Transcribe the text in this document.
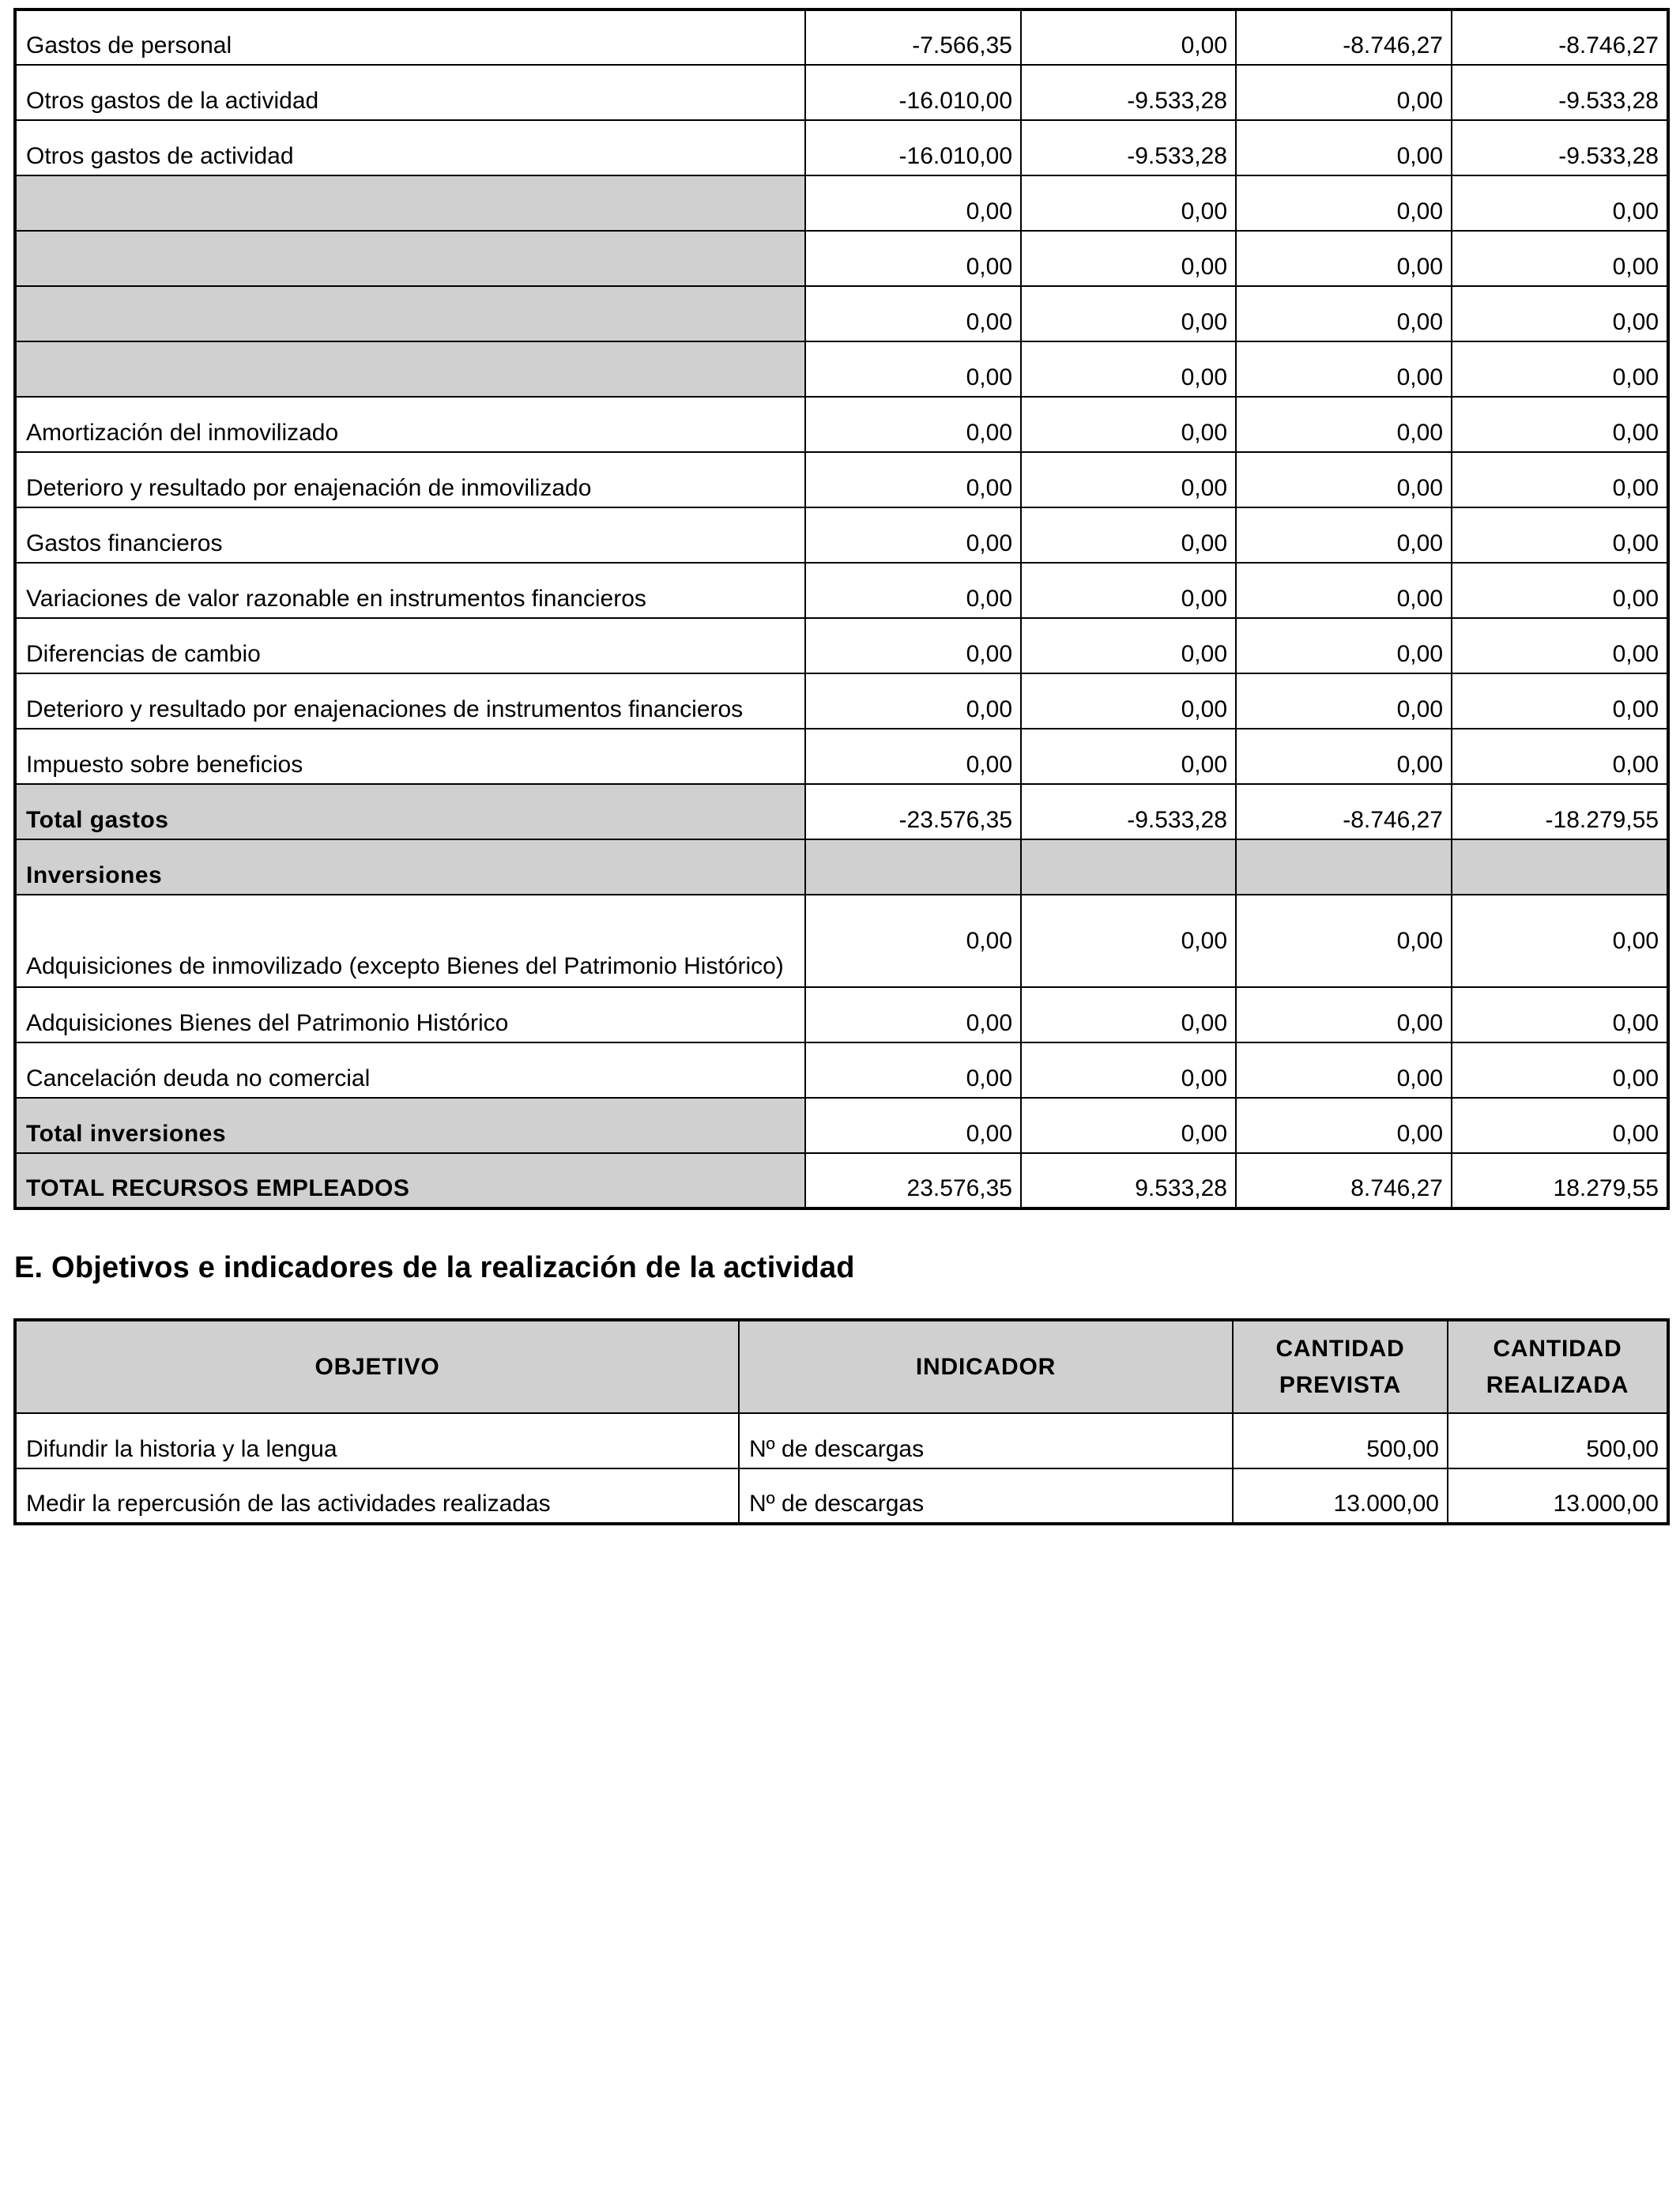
Gastos de personal	-7.566,35	0,00	-8.746,27	-8.746,27
Otros gastos de la actividad	-16.010,00	-9.533,28	0,00	-9.533,28
Otros gastos de actividad	-16.010,00	-9.533,28	0,00	-9.533,28
	0,00	0,00	0,00	0,00
	0,00	0,00	0,00	0,00
	0,00	0,00	0,00	0,00
	0,00	0,00	0,00	0,00
Amortización del inmovilizado	0,00	0,00	0,00	0,00
Deterioro y resultado por enajenación de inmovilizado	0,00	0,00	0,00	0,00
Gastos financieros	0,00	0,00	0,00	0,00
Variaciones de valor razonable en instrumentos financieros	0,00	0,00	0,00	0,00
Diferencias de cambio	0,00	0,00	0,00	0,00
Deterioro y resultado por enajenaciones de instrumentos financieros	0,00	0,00	0,00	0,00
Impuesto sobre beneficios	0,00	0,00	0,00	0,00
Total gastos	-23.576,35	-9.533,28	-8.746,27	-18.279,55
Inversiones				
Adquisiciones de inmovilizado (excepto Bienes del Patrimonio Histórico)	0,00	0,00	0,00	0,00
Adquisiciones Bienes del Patrimonio Histórico	0,00	0,00	0,00	0,00
Cancelación deuda no comercial	0,00	0,00	0,00	0,00
Total inversiones	0,00	0,00	0,00	0,00
TOTAL RECURSOS EMPLEADOS	23.576,35	9.533,28	8.746,27	18.279,55
E. Objetivos e indicadores de la realización de la actividad
OBJETIVO	INDICADOR	CANTIDAD PREVISTA	CANTIDAD REALIZADA
Difundir la historia y la lengua	Nº de descargas	500,00	500,00
Medir la repercusión de las actividades realizadas	Nº de descargas	13.000,00	13.000,00
